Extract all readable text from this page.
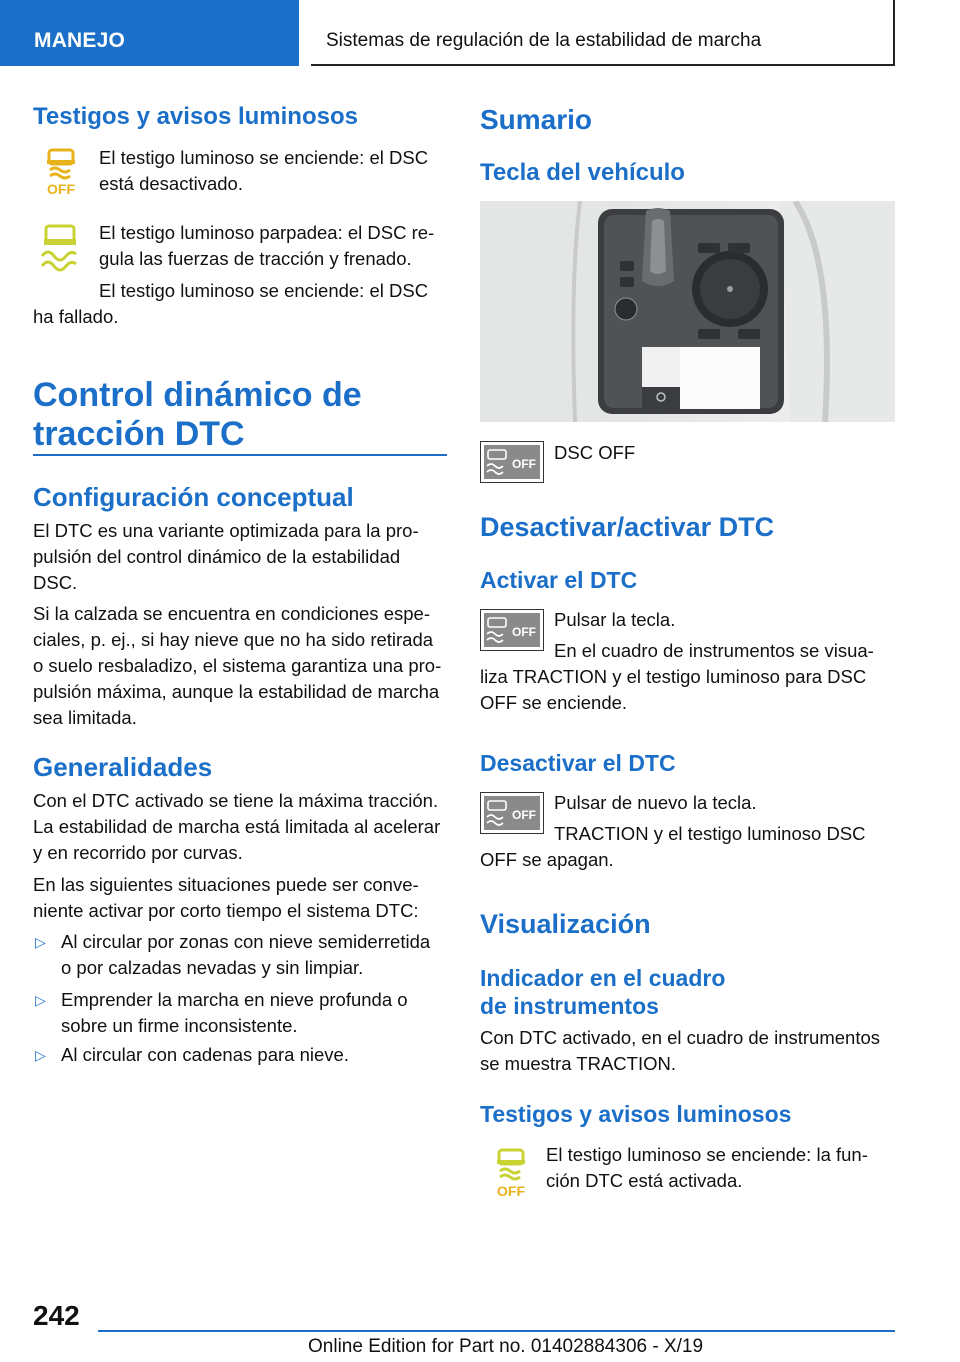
MANEJO	Sistemas de regulación de la estabilidad de marcha
Testigos y avisos luminosos
OFF
El testigo luminoso se enciende: el DSC
está desactivado.
El testigo luminoso parpadea: el DSC re-
gula las fuerzas de tracción y frenado.
El testigo luminoso se enciende: el DSC
ha fallado.
Control dinámico de
tracción DTC
Configuración conceptual
El DTC es una variante optimizada para la pro-
pulsión del control dinámico de la estabilidad
DSC.
Si la calzada se encuentra en condiciones espe-
ciales, p. ej., si hay nieve que no ha sido retirada
o suelo resbaladizo, el sistema garantiza una pro-
pulsión máxima, aunque la estabilidad de marcha
sea limitada.
Generalidades
Con el DTC activado se tiene la máxima tracción.
La estabilidad de marcha está limitada al acelerar
y en recorrido por curvas.
En las siguientes situaciones puede ser conve-
niente activar por corto tiempo el sistema DTC:
▷ Al circular por zonas con nieve semiderretida
o por calzadas nevadas y sin limpiar.
▷ Emprender la marcha en nieve profunda o
sobre un firme inconsistente.
▷ Al circular con cadenas para nieve.
Sumario
Tecla del vehículo
OFF
DSC OFF
Desactivar/activar DTC
Activar el DTC
OFF
Pulsar la tecla.
En el cuadro de instrumentos se visua-
liza TRACTION y el testigo luminoso para DSC
OFF se enciende.
Desactivar el DTC
OFF
Pulsar de nuevo la tecla.
TRACTION y el testigo luminoso DSC
OFF se apagan.
Visualización
Indicador en el cuadro
de instrumentos
Con DTC activado, en el cuadro de instrumentos
se muestra TRACTION.
Testigos y avisos luminosos
OFF
El testigo luminoso se enciende: la fun-
ción DTC está activada.
242
Online Edition for Part no. 01402884306 - X/19
